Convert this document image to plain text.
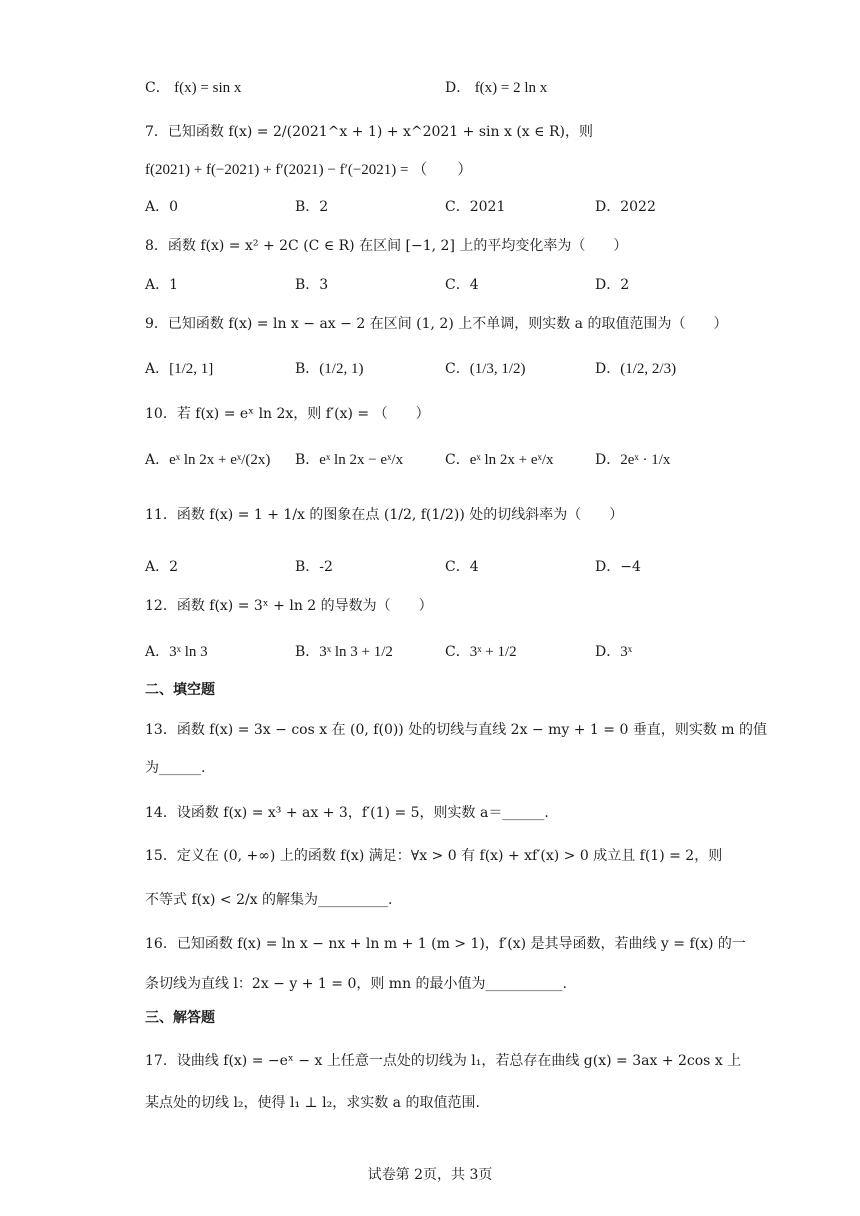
C． f(x) = sin x	D． f(x) = 2 ln x
7．已知函数 f(x) = 2/(2021^x + 1) + x^2021 + sin x (x ∈ R)，则
f(2021) + f(−2021) + f′(2021) − f′(−2021) = （　　）
A．0	B．2	C．2021	D．2022
8．函数 f(x) = x² + 2C (C ∈ R) 在区间 [−1, 2] 上的平均变化率为（　　）
A．1	B．3	C．4	D．2
9．已知函数 f(x) = ln x − ax − 2 在区间 (1, 2) 上不单调，则实数 a 的取值范围为（　　）
A．[1/2, 1]	B．(1/2, 1)	C．(1/3, 1/2)	D．(1/2, 2/3)
10．若 f(x) = eˣ ln 2x，则 f′(x) = （　　）
A．eˣ ln 2x + eˣ/(2x) B．eˣ ln 2x − eˣ/x	C．eˣ ln 2x + eˣ/x	D．2eˣ · 1/x
11．函数 f(x) = 1 + 1/x 的图象在点 (1/2, f(1/2)) 处的切线斜率为（　　）
A．2	B．-2	C．4	D．−4
12．函数 f(x) = 3ˣ + ln 2 的导数为（　　）
A．3ˣ ln 3	B．3ˣ ln 3 + 1/2	C．3ˣ + 1/2	D．3ˣ
二、填空题
13．函数 f(x) = 3x − cos x 在 (0, f(0)) 处的切线与直线 2x − my + 1 = 0 垂直，则实数 m 的值
为______.
14．设函数 f(x) = x³ + ax + 3，f′(1) = 5，则实数 a＝______.
15．定义在 (0, +∞) 上的函数 f(x) 满足：∀x > 0 有 f(x) + xf′(x) > 0 成立且 f(1) = 2，则
不等式 f(x) < 2/x 的解集为__________.
16．已知函数 f(x) = ln x − nx + ln m + 1 (m > 1)，f′(x) 是其导函数，若曲线 y = f(x) 的一
条切线为直线 l：2x − y + 1 = 0，则 mn 的最小值为___________.
三、解答题
17．设曲线 f(x) = −eˣ − x 上任意一点处的切线为 l₁，若总存在曲线 g(x) = 3ax + 2cos x 上
某点处的切线 l₂，使得 l₁ ⊥ l₂，求实数 a 的取值范围.
试卷第 2页，共 3页
